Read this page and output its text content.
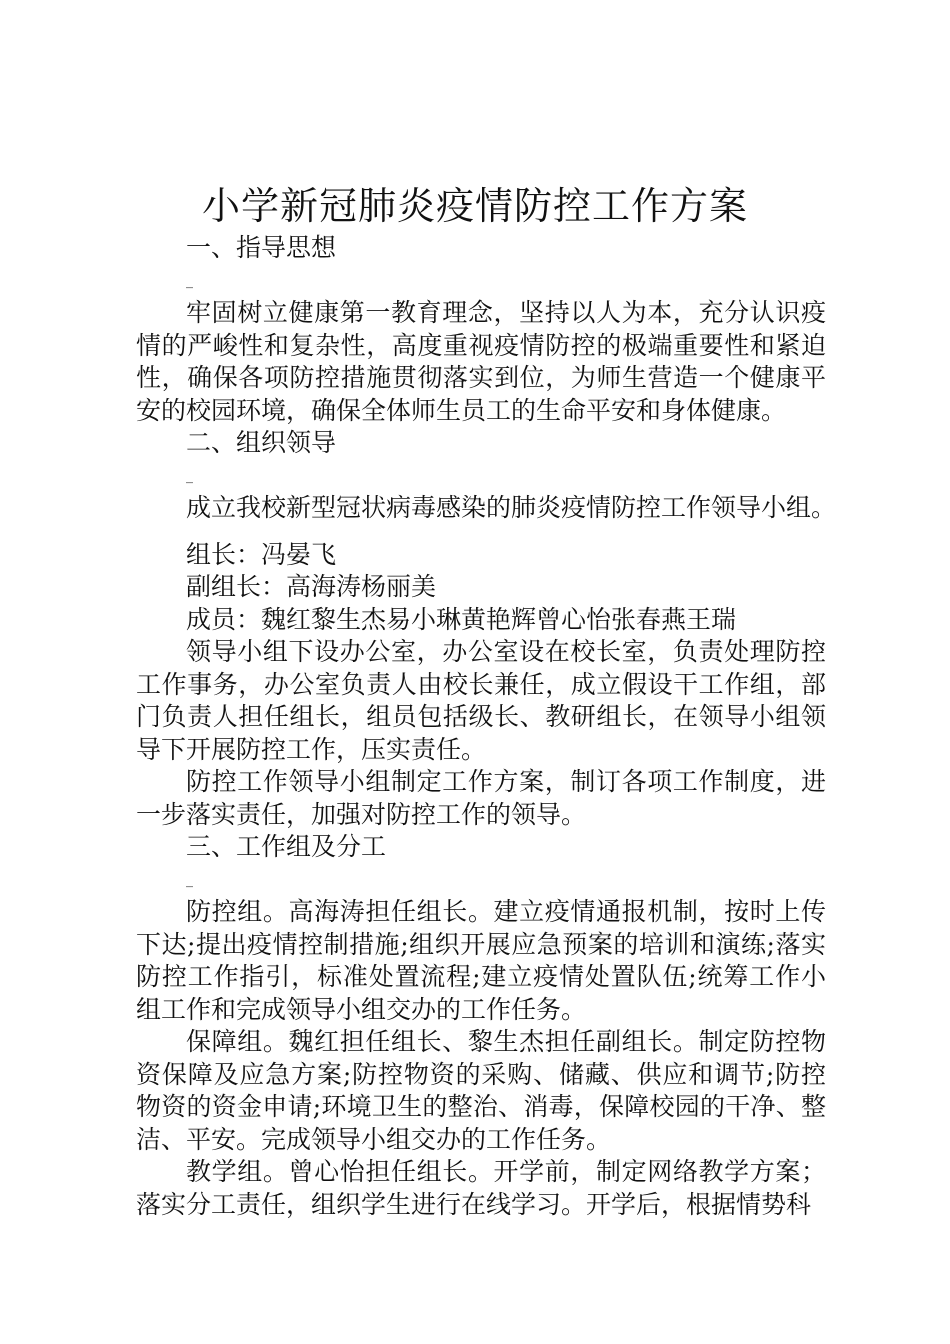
小学新冠肺炎疫情防控工作方案

一、指导思想

_

牢固树立健康第一教育理念，坚持以人为本，充分认识疫情的严峻性和复杂性，高度重视疫情防控的极端重要性和紧迫性，确保各项防控措施贯彻落实到位，为师生营造一个健康平安的校园环境，确保全体师生员工的生命平安和身体健康。

二、组织领导

_

成立我校新型冠状病毒感染的肺炎疫情防控工作领导小组。

组长：冯晏飞

副组长：高海涛杨丽美

成员：魏红黎生杰易小琳黄艳辉曾心怡张春燕王瑞

领导小组下设办公室，办公室设在校长室，负责处理防控工作事务，办公室负责人由校长兼任，成立假设干工作组，部门负责人担任组长，组员包括级长、教研组长，在领导小组领导下开展防控工作，压实责任。

防控工作领导小组制定工作方案，制订各项工作制度，进一步落实责任，加强对防控工作的领导。

三、工作组及分工

_

防控组。高海涛担任组长。建立疫情通报机制，按时上传下达;提出疫情控制措施;组织开展应急预案的培训和演练;落实防控工作指引，标准处置流程;建立疫情处置队伍;统筹工作小组工作和完成领导小组交办的工作任务。

保障组。魏红担任组长、黎生杰担任副组长。制定防控物资保障及应急方案;防控物资的采购、储藏、供应和调节;防控物资的资金申请;环境卫生的整治、消毒，保障校园的干净、整洁、平安。完成领导小组交办的工作任务。

教学组。曾心怡担任组长。开学前，制定网络教学方案；落实分工责任，组织学生进行在线学习。开学后，根据情势科
